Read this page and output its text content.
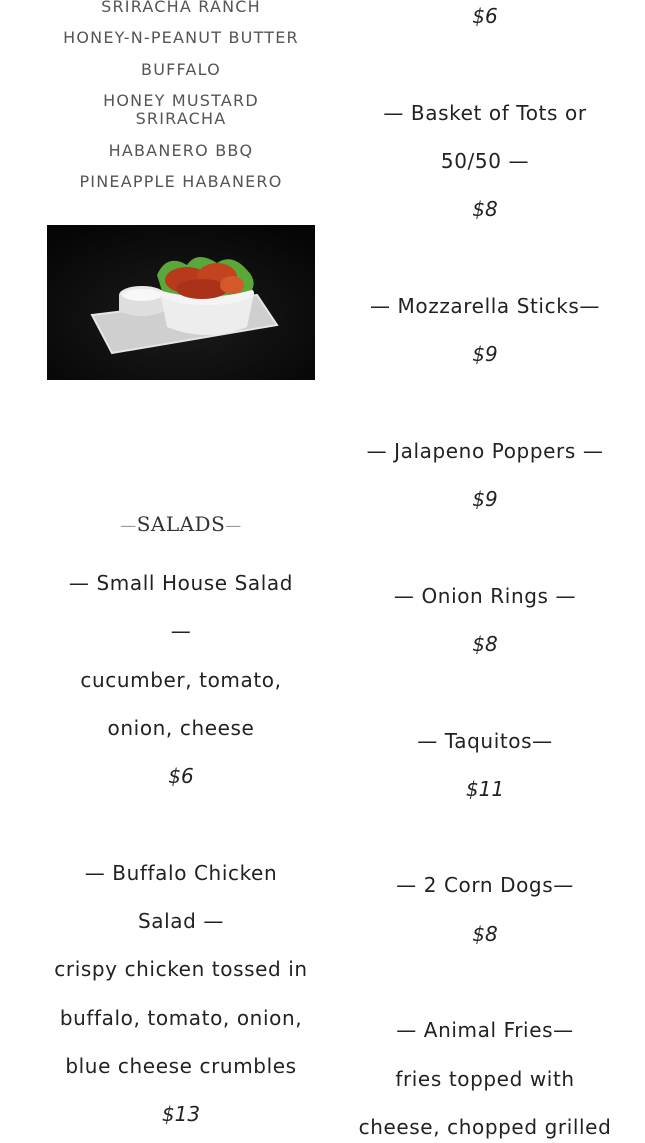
SRIRACHA RANCH
HONEY-N-PEANUT BUTTER
BUFFALO
HONEY MUSTARD SRIRACHA
HABANERO BBQ
PINEAPPLE HABANERO
—SALADS—
— Small House Salad
—
cucumber, tomato,
onion, cheese
$6
— Buffalo Chicken
Salad —
crispy chicken tossed in
buffalo, tomato, onion,
blue cheese crumbles
$13
$6
— Basket of Tots or
50/50 —
$8
— Mozzarella Sticks—
$9
— Jalapeno Poppers —
$9
— Onion Rings —
$8
— Taquitos—
$11
— 2 Corn Dogs—
$8
— Animal Fries—
fries topped with
cheese, chopped grilled
